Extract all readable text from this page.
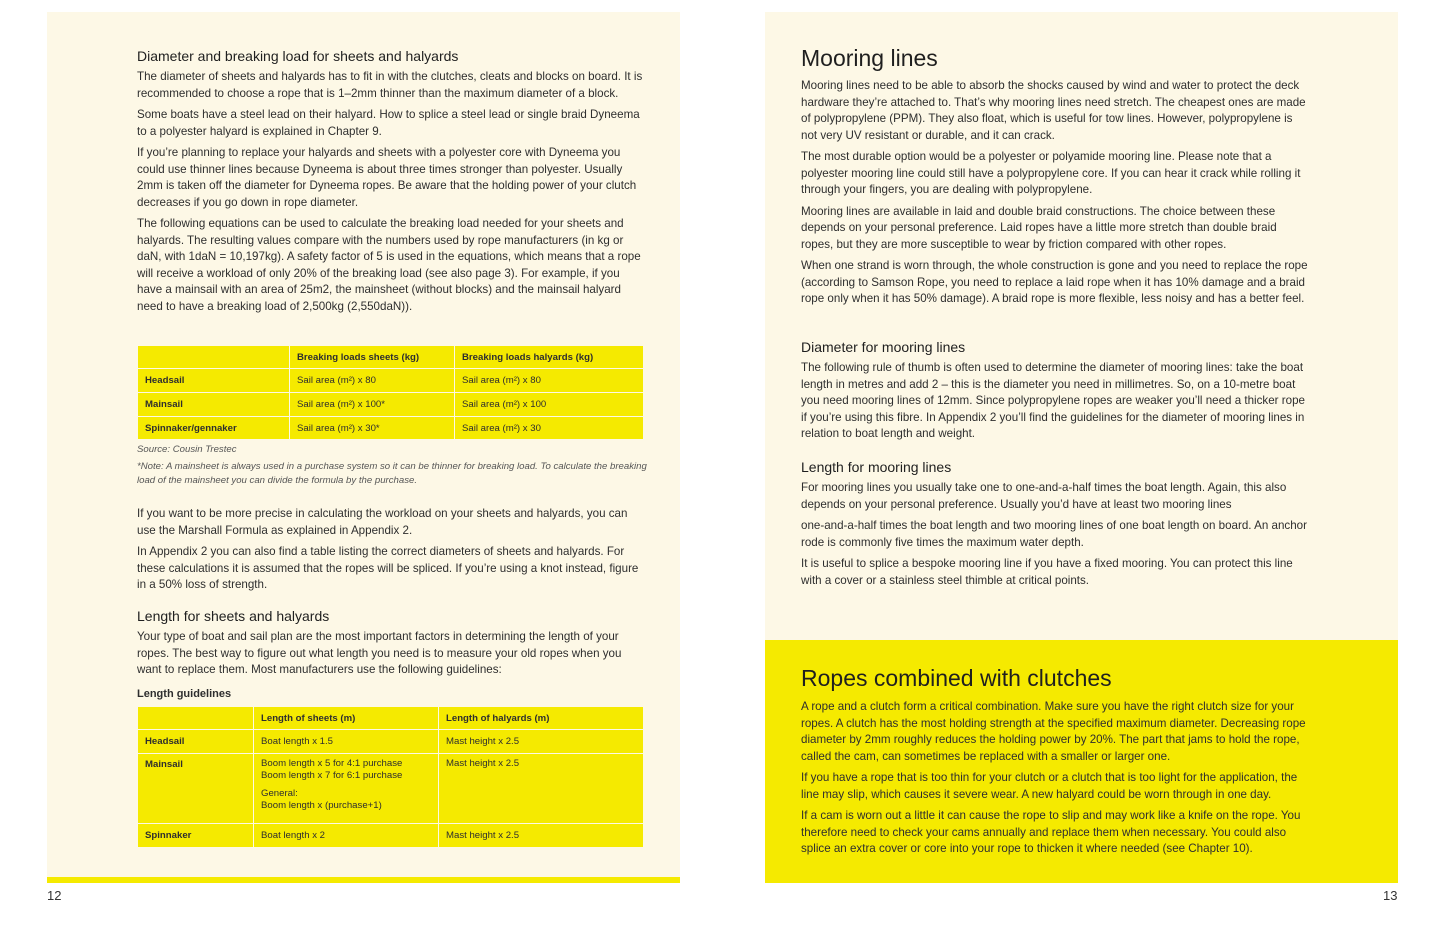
Diameter and breaking load for sheets and halyards

The diameter of sheets and halyards has to fit in with the clutches, cleats and blocks on board. It is recommended to choose a rope that is 1–2mm thinner than the maximum diameter of a block.

Some boats have a steel lead on their halyard. How to splice a steel lead or single braid Dyneema to a polyester halyard is explained in Chapter 9.

If you’re planning to replace your halyards and sheets with a polyester core with Dyneema you could use thinner lines because Dyneema is about three times stronger than polyester. Usually 2mm is taken off the diameter for Dyneema ropes. Be aware that the holding power of your clutch decreases if you go down in rope diameter.

The following equations can be used to calculate the breaking load needed for your sheets and halyards. The resulting values compare with the numbers used by rope manufacturers (in kg or daN, with 1daN = 10,197kg). A safety factor of 5 is used in the equations, which means that a rope will receive a workload of only 20% of the breaking load (see also page 3). For example, if you have a mainsail with an area of 25m2, the mainsheet (without blocks) and the mainsail halyard need to have a breaking load of 2,500kg (2,550daN)).

	Breaking loads sheets (kg)	Breaking loads halyards (kg)
Headsail	Sail area (m²) x 80	Sail area (m²) x 80
Mainsail	Sail area (m²) x 100*	Sail area (m²) x 100
Spinnaker/gennaker	Sail area (m²) x 30*	Sail area (m²) x 30

Source: Cousin Trestec

*Note: A mainsheet is always used in a purchase system so it can be thinner for breaking load. To calculate the breaking load of the mainsheet you can divide the formula by the purchase.

If you want to be more precise in calculating the workload on your sheets and halyards, you can use the Marshall Formula as explained in Appendix 2.

In Appendix 2 you can also find a table listing the correct diameters of sheets and halyards. For these calculations it is assumed that the ropes will be spliced. If you’re using a knot instead, figure in a 50% loss of strength.

Length for sheets and halyards

Your type of boat and sail plan are the most important factors in determining the length of your ropes. The best way to figure out what length you need is to measure your old ropes when you want to replace them. Most manufacturers use the following guidelines:

Length guidelines

	Length of sheets (m)	Length of halyards (m)
Headsail	Boat length x 1.5	Mast height x 2.5
Mainsail	Boom length x 5 for 4:1 purchase
Boom length x 7 for 6:1 purchase
General:
Boom length x (purchase+1)	Mast height x 2.5
Spinnaker	Boat length x 2	Mast height x 2.5
12
Mooring lines

Mooring lines need to be able to absorb the shocks caused by wind and water to protect the deck hardware they’re attached to. That’s why mooring lines need stretch. The cheapest ones are made of polypropylene (PPM). They also float, which is useful for tow lines. However, polypropylene is not very UV resistant or durable, and it can crack.

The most durable option would be a polyester or polyamide mooring line. Please note that a polyester mooring line could still have a polypropylene core. If you can hear it crack while rolling it through your fingers, you are dealing with polypropylene.

Mooring lines are available in laid and double braid constructions. The choice between these depends on your personal preference. Laid ropes have a little more stretch than double braid ropes, but they are more susceptible to wear by friction compared with other ropes.

When one strand is worn through, the whole construction is gone and you need to replace the rope (according to Samson Rope, you need to replace a laid rope when it has 10% damage and a braid rope only when it has 50% damage). A braid rope is more flexible, less noisy and has a better feel.

Diameter for mooring lines

The following rule of thumb is often used to determine the diameter of mooring lines: take the boat length in metres and add 2 – this is the diameter you need in millimetres. So, on a 10-metre boat you need mooring lines of 12mm. Since polypropylene ropes are weaker you’ll need a thicker rope if you’re using this fibre. In Appendix 2 you’ll find the guidelines for the diameter of mooring lines in relation to boat length and weight.

Length for mooring lines

For mooring lines you usually take one to one-and-a-half times the boat length. Again, this also depends on your personal preference. Usually you’d have at least two mooring lines

one-and-a-half times the boat length and two mooring lines of one boat length on board. An anchor rode is commonly five times the maximum water depth.

It is useful to splice a bespoke mooring line if you have a fixed mooring. You can protect this line with a cover or a stainless steel thimble at critical points.

Ropes combined with clutches

A rope and a clutch form a critical combination. Make sure you have the right clutch size for your ropes. A clutch has the most holding strength at the specified maximum diameter. Decreasing rope diameter by 2mm roughly reduces the holding power by 20%. The part that jams to hold the rope, called the cam, can sometimes be replaced with a smaller or larger one.

If you have a rope that is too thin for your clutch or a clutch that is too light for the application, the line may slip, which causes it severe wear. A new halyard could be worn through in one day.

If a cam is worn out a little it can cause the rope to slip and may work like a knife on the rope. You therefore need to check your cams annually and replace them when necessary. You could also splice an extra cover or core into your rope to thicken it where needed (see Chapter 10).

13
